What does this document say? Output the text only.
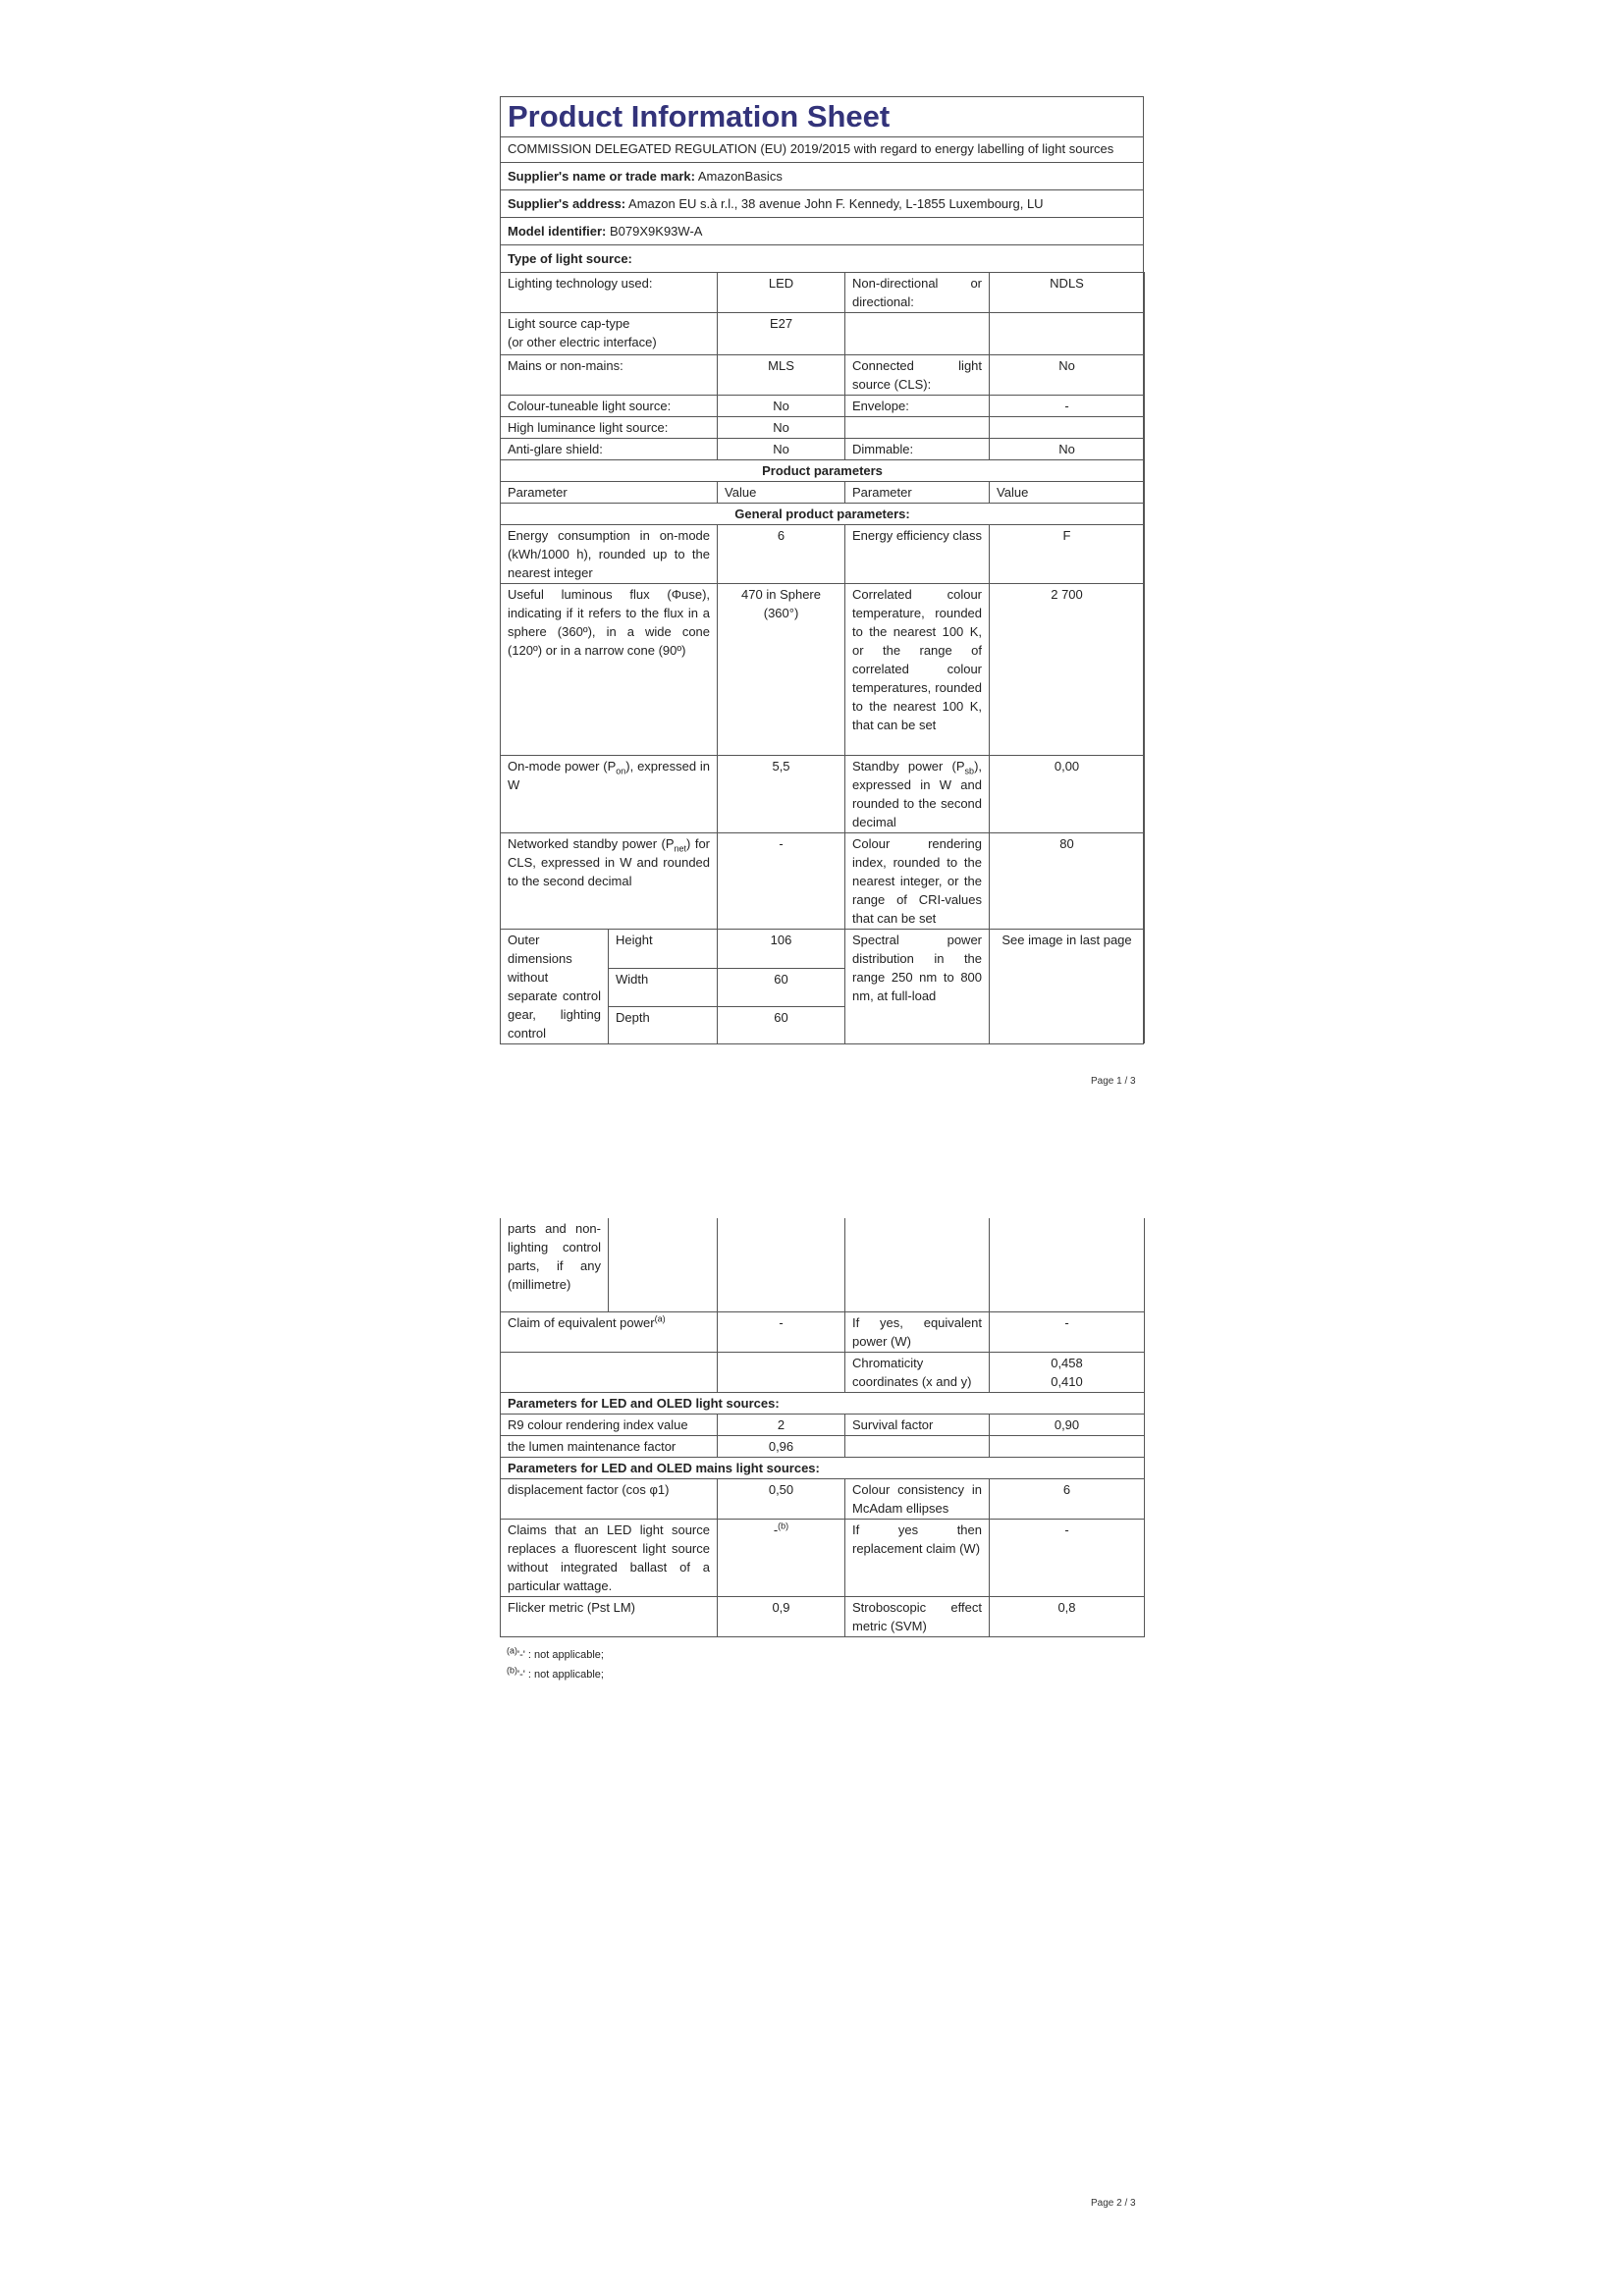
Product Information Sheet
COMMISSION DELEGATED REGULATION (EU) 2019/2015 with regard to energy labelling of light sources
Supplier's name or trade mark: AmazonBasics
Supplier's address: Amazon EU s.à r.l., 38 avenue John F. Kennedy, L-1855 Luxembourg, LU
Model identifier: B079X9K93W-A
Type of light source:
Lighting technology used:		LED	Non-directional or directional:	NDLS

Light source cap-type
(or other electric interface)		E27		
Mains or non-mains:		MLS	Connected light source (CLS):	No
Colour-tuneable light source:		No	Envelope:	-
High luminance light source:		No		
Anti-glare shield:		No	Dimmable:	No
Product parameters				
Parameter		Value	Parameter	Value
General product parameters:				
Energy consumption in on-mode (kWh/1000 h), rounded up to the nearest integer		6	Energy efficiency class	F
Useful luminous flux (Φuse), indicating if it refers to the flux in a sphere (360º), in a wide cone (120º) or in a narrow cone (90º)		470 in Sphere (360°)	Correlated colour temperature, rounded to the nearest 100 K, or the range of correlated colour temperatures, rounded to the nearest 100 K, that can be set	2 700
On-mode power $(P_{on})$, expressed in W		5,5	Standby power $(P_{sb})$, expressed in W and rounded to the second decimal	0,00
Networked standby power $(P_{net})$ for CLS, expressed in W and rounded to the second decimal		-	Colour rendering index, rounded to the nearest integer, or the range of CRI-values that can be set	80
Outer dimensions without separate control gear, lighting control	Height	106	Spectral power distribution in the range 250 nm to 800 nm, at full-load	See image in last page
	Width	60		
	Depth	60		
Page 1 / 3
parts and non-lighting control parts, if any (millimetre)				
Claim of equivalent power$^{(a)}$		-	If yes, equivalent power (W)	-
			Chromaticity coordinates (x and y)	0,458
0,410

Parameters for LED and OLED light sources:				
R9 colour rendering index value		2	Survival factor	0,90
the lumen maintenance factor		0,96		
Parameters for LED and OLED mains light sources:				
displacement factor (cos φ1)		0,50	Colour consistency in McAdam ellipses	6
Claims that an LED light source replaces a fluorescent light source without integrated ballast of a particular wattage.		-$^{(b)}$	If yes then replacement claim (W)	-
Flicker metric (Pst LM)		0,9	Stroboscopic effect metric (SVM)	0,8
$^{(a)}$'-' : not applicable;
$^{(b)}$'-' : not applicable;
Page 2 / 3
